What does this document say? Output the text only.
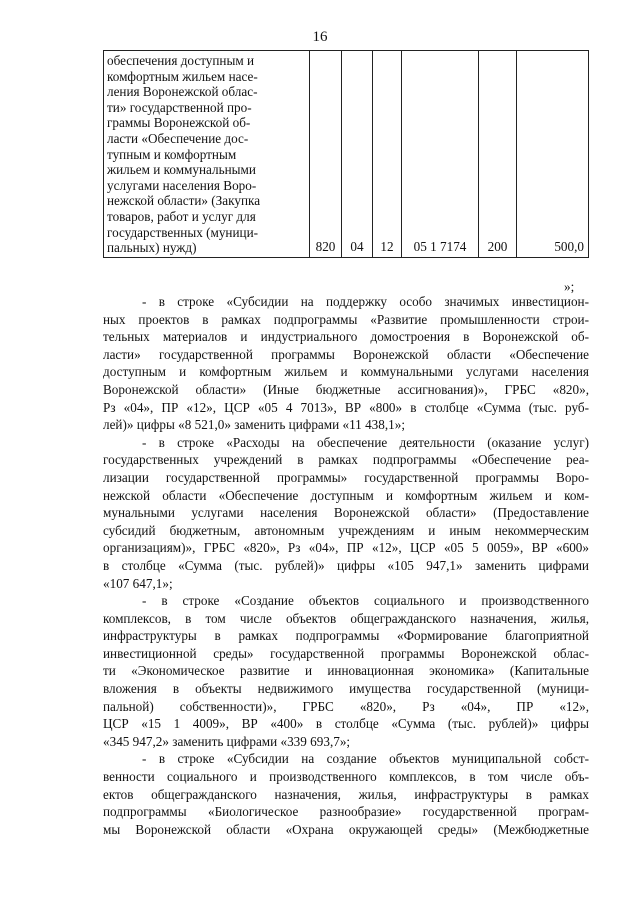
16
обеспечения доступным и
комфортным жильем насе-
ления Воронежской облас-
ти» государственной про-
граммы Воронежской об-
ласти «Обеспечение дос-
тупным и комфортным
жильем и коммунальными
услугами населения Воро-
нежской области» (Закупка
товаров, работ и услуг для
государственных (муници-
пальных) нужд)	820	04	12	05 1 7174	200	500,0
»;

- в строке «Субсидии на поддержку особо значимых инвестицион-
ных проектов в рамках подпрограммы «Развитие промышленности строи-
тельных материалов и индустриального домостроения в Воронежской об-
ласти» государственной программы Воронежской области «Обеспечение
доступным и комфортным жильем и коммунальными услугами населения
Воронежской области» (Иные бюджетные ассигнования)», ГРБС «820»,
Рз «04», ПР «12», ЦСР «05 4 7013», ВР «800» в столбце «Сумма (тыс. руб-
лей)» цифры «8 521,0» заменить цифрами «11 438,1»;

- в строке «Расходы на обеспечение деятельности (оказание услуг)
государственных учреждений в рамках подпрограммы «Обеспечение реа-
лизации государственной программы» государственной программы Воро-
нежской области «Обеспечение доступным и комфортным жильем и ком-
мунальными услугами населения Воронежской области» (Предоставление
субсидий бюджетным, автономным учреждениям и иным некоммерческим
организациям)», ГРБС «820», Рз «04», ПР «12», ЦСР «05 5 0059», ВР «600»
в столбце «Сумма (тыс. рублей)» цифры «105 947,1» заменить цифрами
«107 647,1»;

- в строке «Создание объектов социального и производственного
комплексов, в том числе объектов общегражданского назначения, жилья,
инфраструктуры в рамках подпрограммы «Формирование благоприятной
инвестиционной среды» государственной программы Воронежской облас-
ти «Экономическое развитие и инновационная экономика» (Капитальные
вложения в объекты недвижимого имущества государственной (муници-
пальной) собственности)», ГРБС «820», Рз «04», ПР «12»,
ЦСР «15 1 4009», ВР «400» в столбце «Сумма (тыс. рублей)» цифры
«345 947,2» заменить цифрами «339 693,7»;

- в строке «Субсидии на создание объектов муниципальной собст-
венности социального и производственного комплексов, в том числе объ-
ектов общегражданского назначения, жилья, инфраструктуры в рамках
подпрограммы «Биологическое разнообразие» государственной програм-
мы Воронежской области «Охрана окружающей среды» (Межбюджетные
